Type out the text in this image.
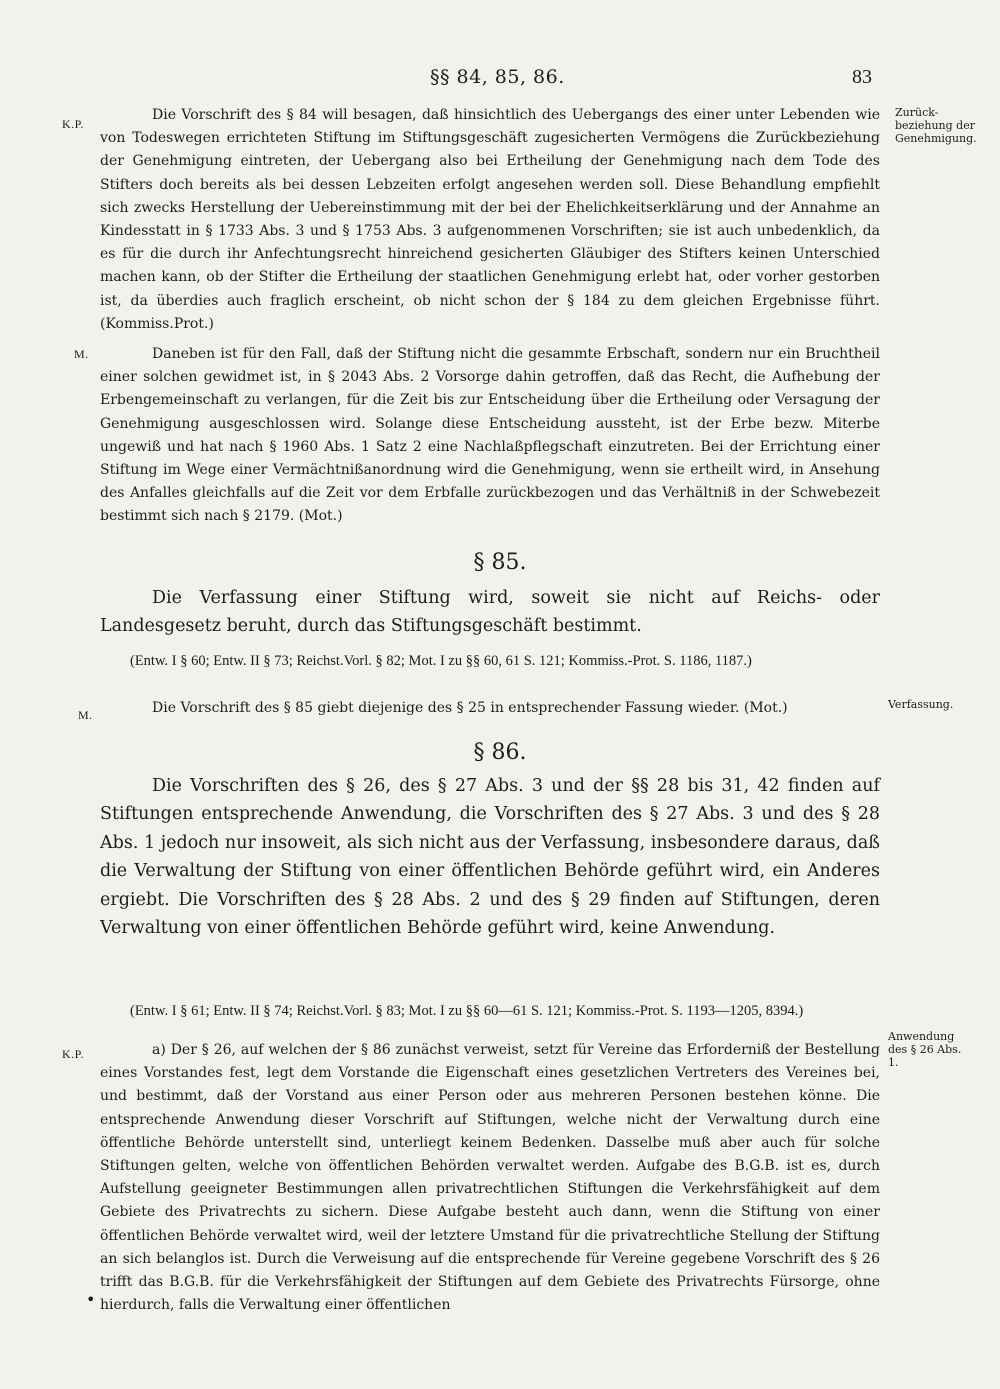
§§ 84, 85, 86.	83
K.P.
Zurück-beziehung der Genehmigung.

Die Vorschrift des § 84 will besagen, daß hinsichtlich des Uebergangs des einer unter Lebenden wie von Todeswegen errichteten Stiftung im Stiftungsgeschäft zugesicherten Vermögens die Zurückbeziehung der Genehmigung eintreten, der Uebergang also bei Ertheilung der Genehmigung nach dem Tode des Stifters doch bereits als bei dessen Lebzeiten erfolgt angesehen werden soll. Diese Behandlung empfiehlt sich zwecks Herstellung der Uebereinstimmung mit der bei der Ehelichkeitserklärung und der Annahme an Kindesstatt in § 1733 Abs. 3 und § 1753 Abs. 3 aufgenommenen Vorschriften; sie ist auch unbedenklich, da es für die durch ihr Anfechtungsrecht hinreichend gesicherten Gläubiger des Stifters keinen Unterschied machen kann, ob der Stifter die Ertheilung der staatlichen Genehmigung erlebt hat, oder vorher gestorben ist, da überdies auch fraglich erscheint, ob nicht schon der § 184 zu dem gleichen Ergebnisse führt. (Kommiss.Prot.)

M.	Daneben ist für den Fall, daß der Stiftung nicht die gesammte Erbschaft, sondern nur ein Bruchtheil einer solchen gewidmet ist, in § 2043 Abs. 2 Vorsorge dahin getroffen, daß das Recht, die Aufhebung der Erbengemeinschaft zu verlangen, für die Zeit bis zur Entscheidung über die Ertheilung oder Versagung der Genehmigung ausgeschlossen wird. Solange diese Entscheidung aussteht, ist der Erbe bezw. Miterbe ungewiß und hat nach § 1960 Abs. 1 Satz 2 eine Nachlaßpflegschaft einzutreten. Bei der Errichtung einer Stiftung im Wege einer Vermächtnißanordnung wird die Genehmigung, wenn sie ertheilt wird, in Ansehung des Anfalles gleichfalls auf die Zeit vor dem Erbfalle zurückbezogen und das Verhältniß in der Schwebezeit bestimmt sich nach § 2179. (Mot.)

§ 85.

Die Verfassung einer Stiftung wird, soweit sie nicht auf Reichs- oder Landesgesetz beruht, durch das Stiftungsgeschäft bestimmt.

(Entw. I § 60; Entw. II § 73; Reichst.Vorl. § 82; Mot. I zu §§ 60, 61 S. 121; Kommiss.-Prot. S. 1186, 1187.)

M.	Die Vorschrift des § 85 giebt diejenige des § 25 in entsprechender Fassung wieder. (Mot.)	Verfassung.
§ 86.

Die Vorschriften des § 26, des § 27 Abs. 3 und der §§ 28 bis 31, 42 finden auf Stiftungen entsprechende Anwendung, die Vorschriften des § 27 Abs. 3 und des § 28 Abs. 1 jedoch nur insoweit, als sich nicht aus der Verfassung, insbesondere daraus, daß die Verwaltung der Stiftung von einer öffentlichen Behörde geführt wird, ein Anderes ergiebt. Die Vorschriften des § 28 Abs. 2 und des § 29 finden auf Stiftungen, deren Verwaltung von einer öffentlichen Behörde geführt wird, keine Anwendung.

(Entw. I § 61; Entw. II § 74; Reichst.Vorl. § 83; Mot. I zu §§ 60—61 S. 121; Kommiss.-Prot. S. 1193—1205, 8394.)

K.P.
Anwendung des § 26 Abs. 1.

a) Der § 26, auf welchen der § 86 zunächst verweist, setzt für Vereine das Erforderniß der Bestellung eines Vorstandes fest, legt dem Vorstande die Eigenschaft eines gesetzlichen Vertreters des Vereines bei, und bestimmt, daß der Vorstand aus einer Person oder aus mehreren Personen bestehen könne. Die entsprechende Anwendung dieser Vorschrift auf Stiftungen, welche nicht der Verwaltung durch eine öffentliche Behörde unterstellt sind, unterliegt keinem Bedenken. Dasselbe muß aber auch für solche Stiftungen gelten, welche von öffentlichen Behörden verwaltet werden. Aufgabe des B.G.B. ist es, durch Aufstellung geeigneter Bestimmungen allen privatrechtlichen Stiftungen die Verkehrsfähigkeit auf dem Gebiete des Privatrechts zu sichern. Diese Aufgabe besteht auch dann, wenn die Stiftung von einer öffentlichen Behörde verwaltet wird, weil der letztere Umstand für die privatrechtliche Stellung der Stiftung an sich belanglos ist. Durch die Verweisung auf die entsprechende für Vereine gegebene Vorschrift des § 26 trifft das B.G.B. für die Verkehrsfähigkeit der Stiftungen auf dem Gebiete des Privatrechts Fürsorge, ohne hierdurch, falls die Verwaltung einer öffentlichen

•
